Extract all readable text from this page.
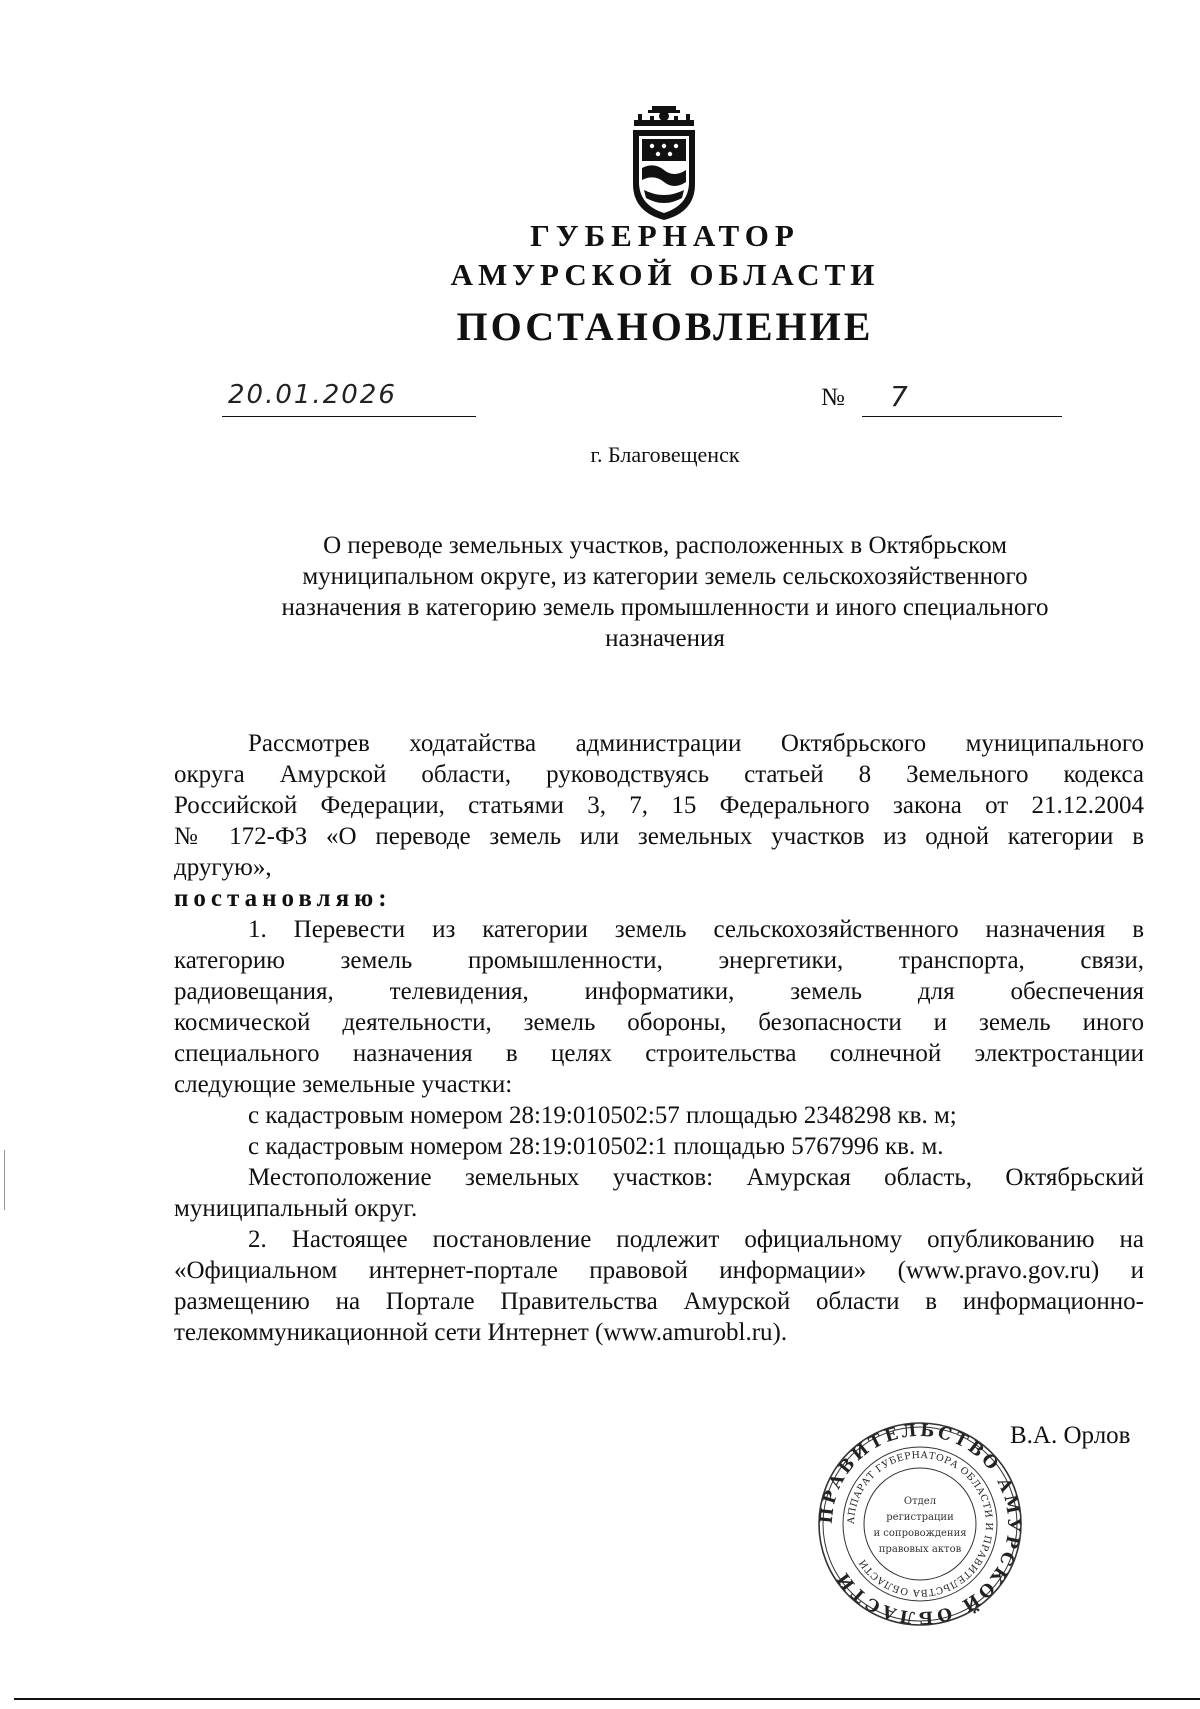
ГУБЕРНАТОР
АМУРСКОЙ ОБЛАСТИ
ПОСТАНОВЛЕНИЕ
20.01.2026	№ 7
г. Благовещенск
О переводе земельных участков, расположенных в Октябрьском
муниципальном округе, из категории земель сельскохозяйственного
назначения в категорию земель промышленности и иного специального
назначения
Рассмотрев ходатайства администрации Октябрьского муниципального
округа Амурской области, руководствуясь статьей 8 Земельного кодекса
Российской Федерации, статьями 3, 7, 15 Федерального закона от 21.12.2004
№ 172-ФЗ «О переводе земель или земельных участков из одной категории в
другую»,
постановляю:
1. Перевести из категории земель сельскохозяйственного назначения в
категорию земель промышленности, энергетики, транспорта, связи,
радиовещания, телевидения, информатики, земель для обеспечения
космической деятельности, земель обороны, безопасности и земель иного
специального назначения в целях строительства солнечной электростанции
следующие земельные участки:
с кадастровым номером 28:19:010502:57 площадью 2348298 кв. м;
с кадастровым номером 28:19:010502:1 площадью 5767996 кв. м.
Местоположение земельных участков: Амурская область, Октябрьский
муниципальный округ.
2. Настоящее постановление подлежит официальному опубликованию на
«Официальном интернет-портале правовой информации» (www.pravo.gov.ru) и
размещению на Портале Правительства Амурской области в информационно-
телекоммуникационной сети Интернет (www.amurobl.ru).
ПРАВИТЕЛЬСТВО АМУРСКОЙ ОБЛАСТИ
АППАРАТ ГУБЕРНАТОРА ОБЛАСТИ И ПРАВИТЕЛЬСТВА ОБЛАСТИ
Отдел
регистрации
и сопровождения
правовых актов
В.А. Орлов
